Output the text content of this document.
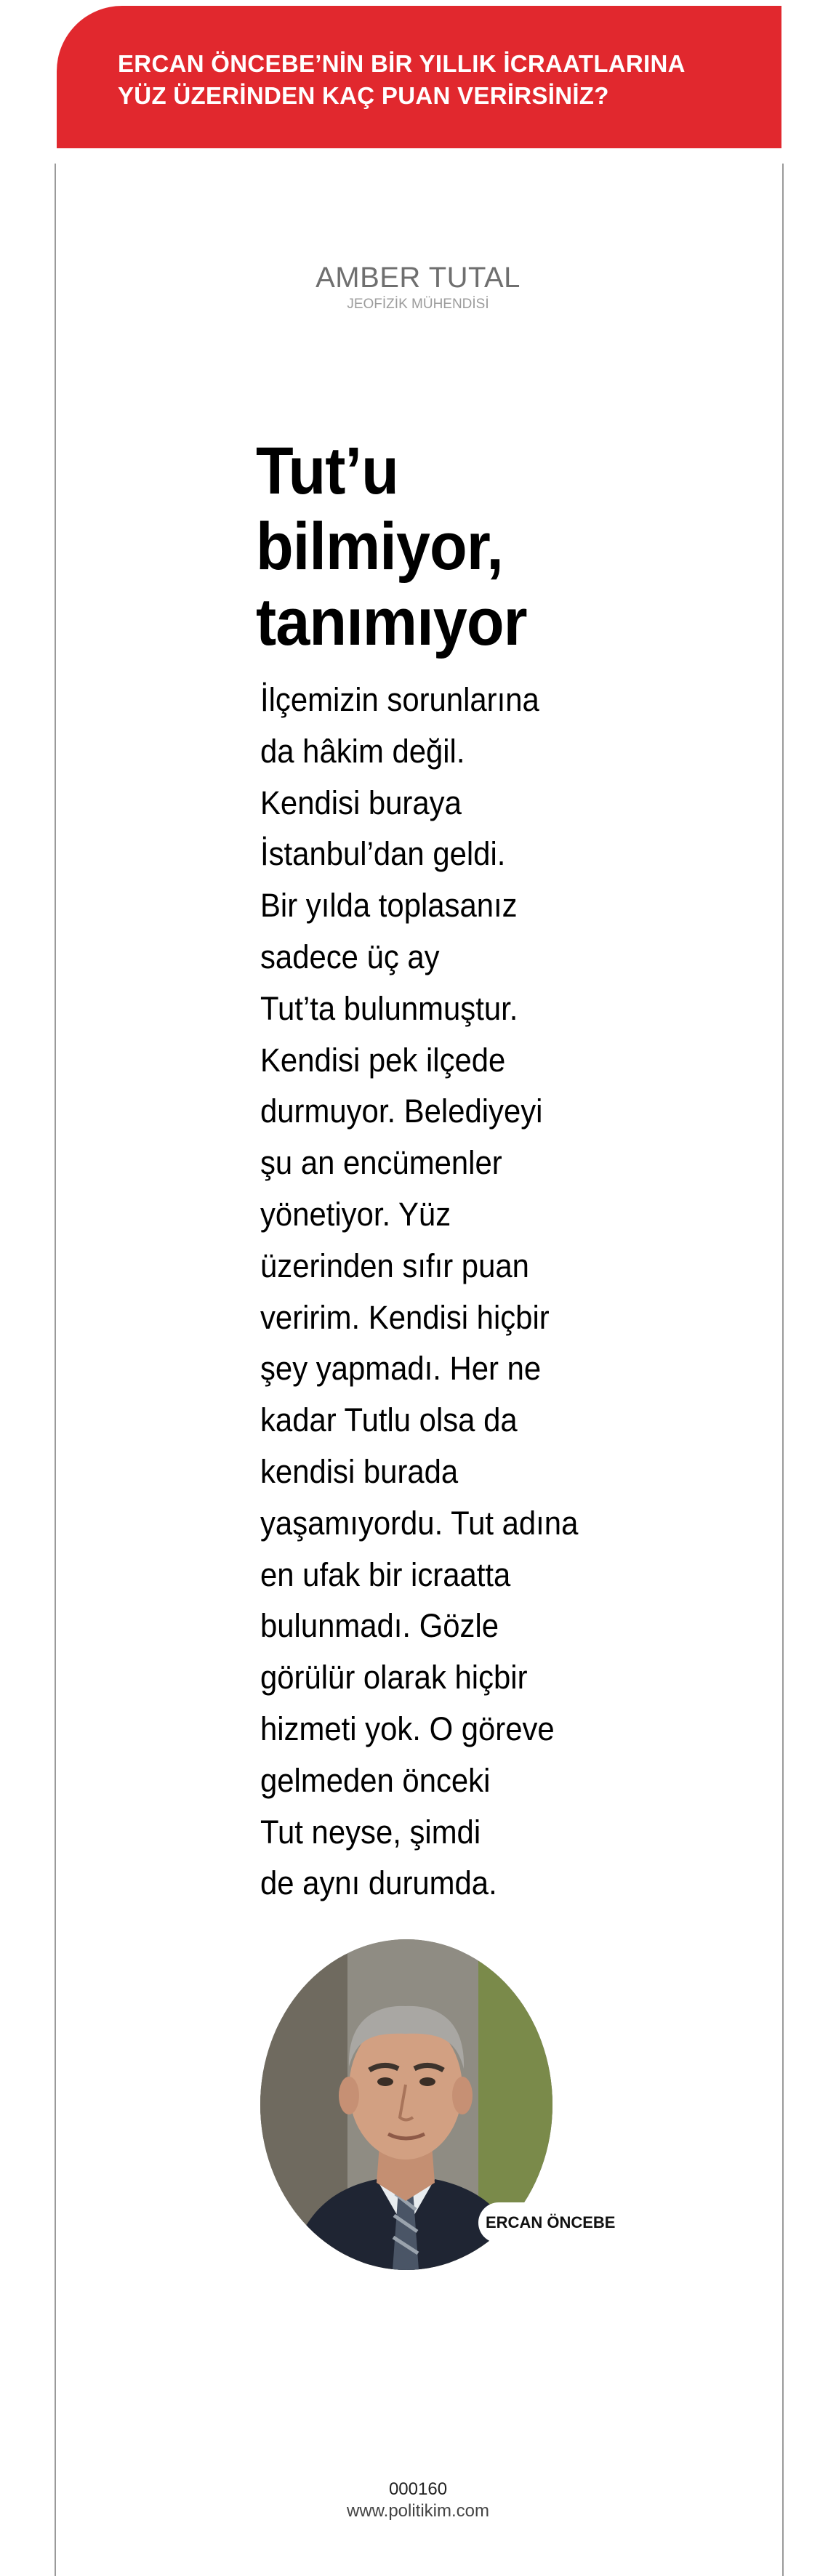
ERCAN ÖNCEBE’NİN BİR YILLIK İCRAATLARINA
YÜZ ÜZERİNDEN KAÇ PUAN VERİRSİNİZ?
AMBER TUTAL
JEOFİZİK MÜHENDİSİ
Tut’u
bilmiyor,
tanımıyor
İlçemizin sorunlarına
da hâkim değil.
Kendisi buraya
İstanbul’dan geldi.
Bir yılda toplasanız
sadece üç ay
Tut’ta bulunmuştur.
Kendisi pek ilçede
durmuyor. Belediyeyi
şu an encümenler
yönetiyor. Yüz
üzerinden sıfır puan
veririm. Kendisi hiçbir
şey yapmadı. Her ne
kadar Tutlu olsa da
kendisi burada
yaşamıyordu. Tut adına
en ufak bir icraatta
bulunmadı. Gözle
görülür olarak hiçbir
hizmeti yok. O göreve
gelmeden önceki
Tut neyse, şimdi
de aynı durumda.
ERCAN ÖNCEBE
000160
www.politikim.com
